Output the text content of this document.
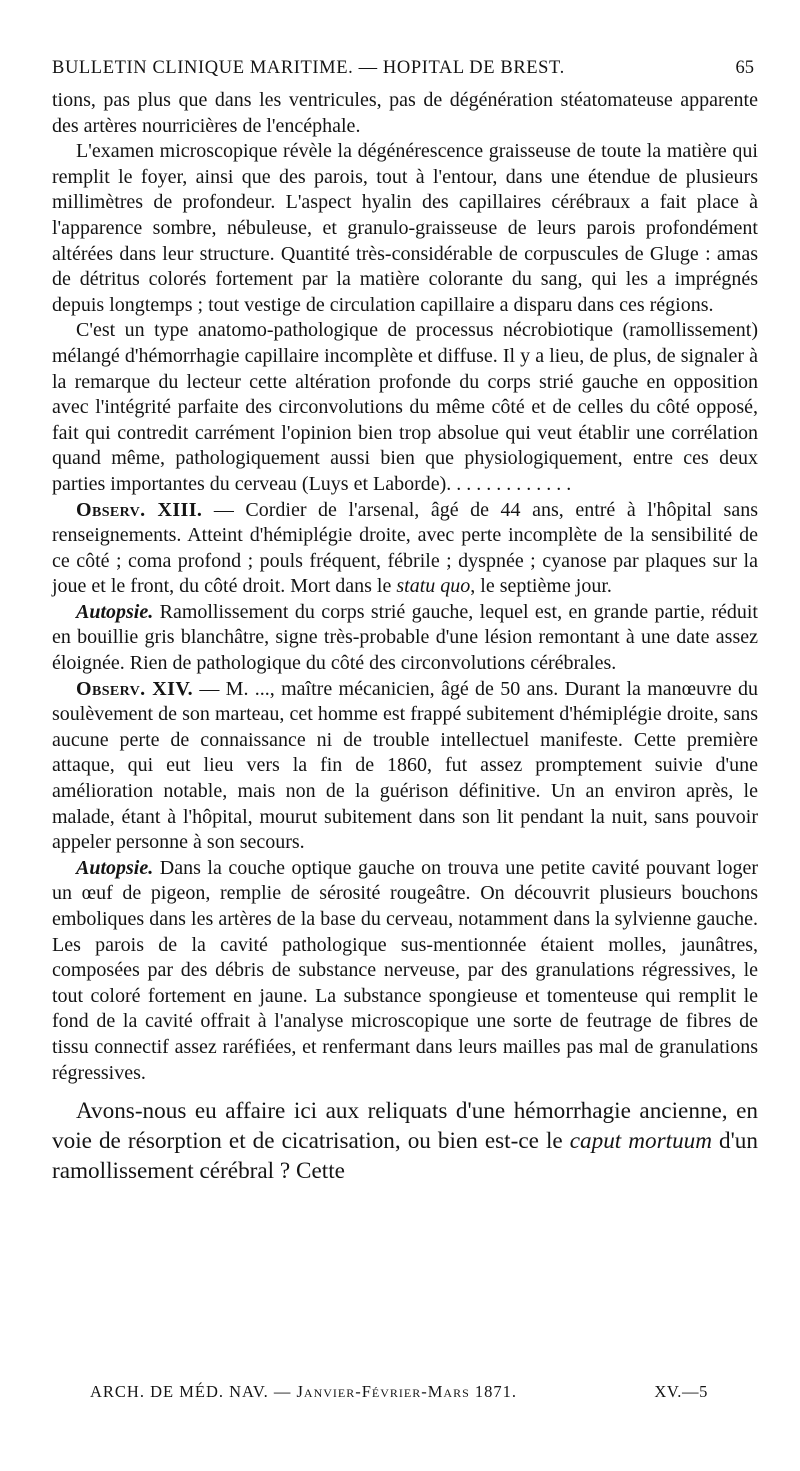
BULLETIN CLINIQUE MARITIME. — HOPITAL DE BREST.	65

tions, pas plus que dans les ventricules, pas de dégénération stéatomateuse apparente des artères nourricières de l'encéphale.

L'examen microscopique révèle la dégénérescence graisseuse de toute la matière qui remplit le foyer, ainsi que des parois, tout à l'entour, dans une étendue de plusieurs millimètres de profondeur. L'aspect hyalin des capillaires cérébraux a fait place à l'apparence sombre, nébuleuse, et granulo-graisseuse de leurs parois profondément altérées dans leur structure. Quantité très-considérable de corpuscules de Gluge : amas de détritus colorés fortement par la matière colorante du sang, qui les a imprégnés depuis longtemps ; tout vestige de circulation capillaire a disparu dans ces régions.

C'est un type anatomo-pathologique de processus nécrobiotique (ramollissement) mélangé d'hémorrhagie capillaire incomplète et diffuse. Il y a lieu, de plus, de signaler à la remarque du lecteur cette altération profonde du corps strié gauche en opposition avec l'intégrité parfaite des circonvolutions du même côté et de celles du côté opposé, fait qui contredit carrément l'opinion bien trop absolue qui veut établir une corrélation quand même, pathologiquement aussi bien que physiologiquement, entre ces deux parties importantes du cerveau (Luys et Laborde). . . . . . . . . . . . .

Observ. XIII. — Cordier de l'arsenal, âgé de 44 ans, entré à l'hôpital sans renseignements. Atteint d'hémiplégie droite, avec perte incomplète de la sensibilité de ce côté ; coma profond ; pouls fréquent, fébrile ; dyspnée ; cyanose par plaques sur la joue et le front, du côté droit. Mort dans le statu quo, le septième jour.

Autopsie. Ramollissement du corps strié gauche, lequel est, en grande partie, réduit en bouillie gris blanchâtre, signe très-probable d'une lésion remontant à une date assez éloignée. Rien de pathologique du côté des circonvolutions cérébrales.

Observ. XIV. — M. ..., maître mécanicien, âgé de 50 ans. Durant la manœuvre du soulèvement de son marteau, cet homme est frappé subitement d'hémiplégie droite, sans aucune perte de connaissance ni de trouble intellectuel manifeste. Cette première attaque, qui eut lieu vers la fin de 1860, fut assez promptement suivie d'une amélioration notable, mais non de la guérison définitive. Un an environ après, le malade, étant à l'hôpital, mourut subitement dans son lit pendant la nuit, sans pouvoir appeler personne à son secours.

Autopsie. Dans la couche optique gauche on trouva une petite cavité pouvant loger un œuf de pigeon, remplie de sérosité rougeâtre. On découvrit plusieurs bouchons emboliques dans les artères de la base du cerveau, notamment dans la sylvienne gauche. Les parois de la cavité pathologique sus-mentionnée étaient molles, jaunâtres, composées par des débris de substance nerveuse, par des granulations régressives, le tout coloré fortement en jaune. La substance spongieuse et tomenteuse qui remplit le fond de la cavité offrait à l'analyse microscopique une sorte de feutrage de fibres de tissu connectif assez raréfiées, et renfermant dans leurs mailles pas mal de granulations régressives.

Avons-nous eu affaire ici aux reliquats d'une hémorrhagie ancienne, en voie de résorption et de cicatrisation, ou bien est-ce le caput mortuum d'un ramollissement cérébral ? Cette

ARCH. DE MÉD. NAV. — Janvier-Février-Mars 1871.	XV.—5
